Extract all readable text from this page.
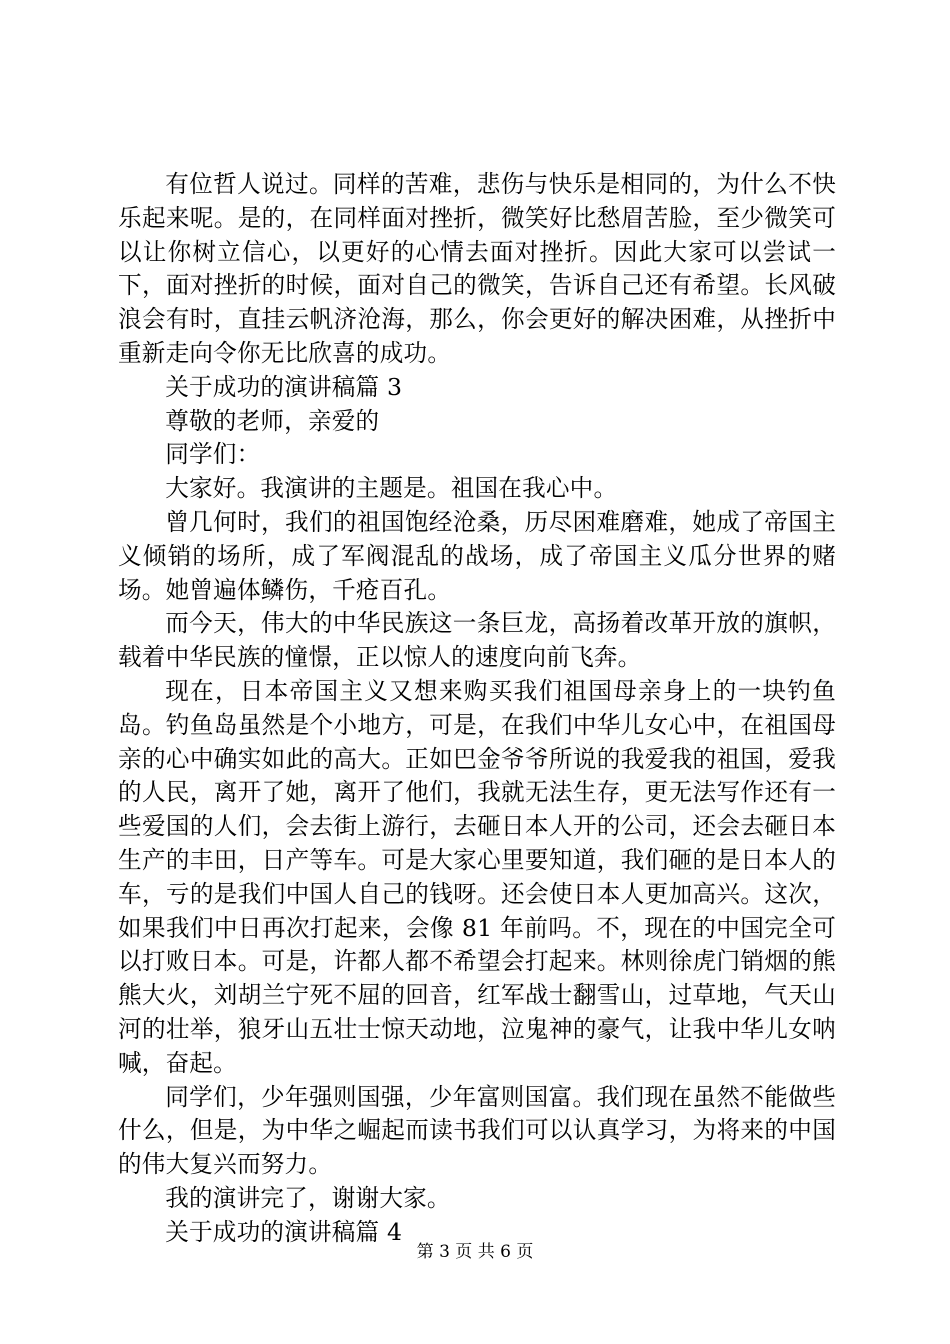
有位哲人说过。同样的苦难，悲伤与快乐是相同的，为什么不快乐起来呢。是的，在同样面对挫折，微笑好比愁眉苦脸，至少微笑可以让你树立信心，以更好的心情去面对挫折。因此大家可以尝试一下，面对挫折的时候，面对自己的微笑，告诉自己还有希望。长风破浪会有时，直挂云帆济沧海，那么，你会更好的解决困难，从挫折中重新走向令你无比欣喜的成功。

关于成功的演讲稿篇 3

尊敬的老师，亲爱的

同学们：

大家好。我演讲的主题是。祖国在我心中。

曾几何时，我们的祖国饱经沧桑，历尽困难磨难，她成了帝国主义倾销的场所，成了军阀混乱的战场，成了帝国主义瓜分世界的赌场。她曾遍体鳞伤，千疮百孔。

而今天，伟大的中华民族这一条巨龙，高扬着改革开放的旗帜，载着中华民族的憧憬，正以惊人的速度向前飞奔。

现在，日本帝国主义又想来购买我们祖国母亲身上的一块钓鱼岛。钓鱼岛虽然是个小地方，可是，在我们中华儿女心中，在祖国母亲的心中确实如此的高大。正如巴金爷爷所说的我爱我的祖国，爱我的人民，离开了她，离开了他们，我就无法生存，更无法写作还有一些爱国的人们，会去街上游行，去砸日本人开的公司，还会去砸日本生产的丰田，日产等车。可是大家心里要知道，我们砸的是日本人的车，亏的是我们中国人自己的钱呀。还会使日本人更加高兴。这次，如果我们中日再次打起来，会像 81 年前吗。不，现在的中国完全可以打败日本。可是，许都人都不希望会打起来。林则徐虎门销烟的熊熊大火，刘胡兰宁死不屈的回音，红军战士翻雪山，过草地，气天山河的壮举，狼牙山五壮士惊天动地，泣鬼神的豪气，让我中华儿女呐喊，奋起。

同学们，少年强则国强，少年富则国富。我们现在虽然不能做些什么，但是，为中华之崛起而读书我们可以认真学习，为将来的中国的伟大复兴而努力。

我的演讲完了，谢谢大家。

关于成功的演讲稿篇 4

第 3 页 共 6 页
